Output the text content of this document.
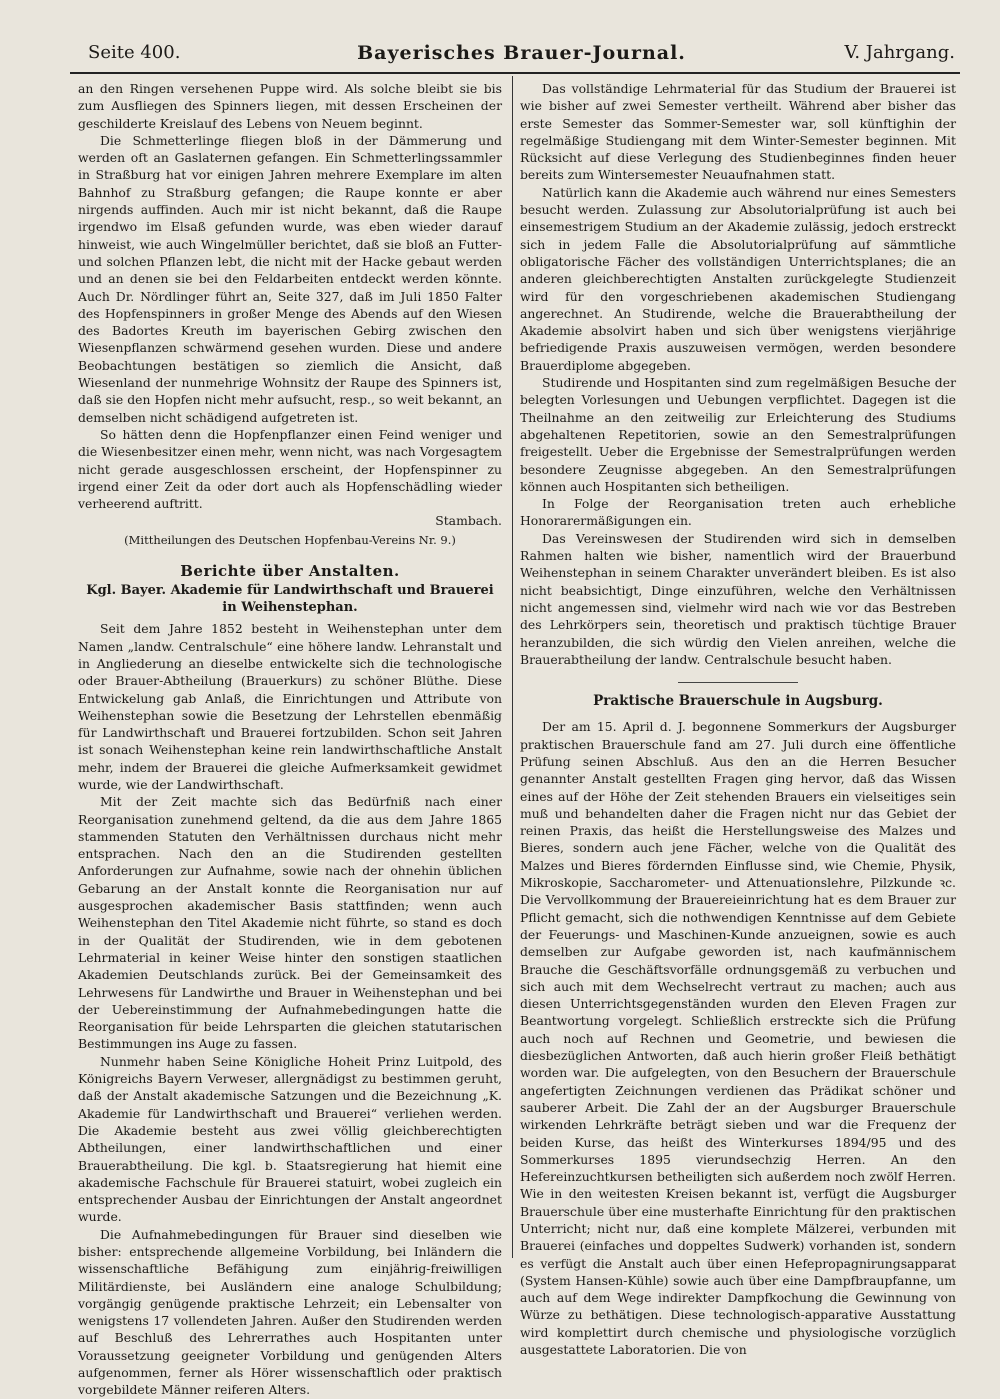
Seite 400.	Bayerisches Brauer-Journal.	V. Jahrgang.

an den Ringen versehenen Puppe wird. Als solche bleibt sie bis zum Ausfliegen des Spinners liegen, mit dessen Erscheinen der geschilderte Kreislauf des Lebens von Neuem beginnt.

Die Schmetterlinge fliegen bloß in der Dämmerung und werden oft an Gaslaternen gefangen. Ein Schmetterlingssammler in Straßburg hat vor einigen Jahren mehrere Exemplare im alten Bahnhof zu Straßburg gefangen; die Raupe konnte er aber nirgends auffinden. Auch mir ist nicht bekannt, daß die Raupe irgendwo im Elsaß gefunden wurde, was eben wieder darauf hinweist, wie auch Wingelmüller berichtet, daß sie bloß an Futter- und solchen Pflanzen lebt, die nicht mit der Hacke gebaut werden und an denen sie bei den Feldarbeiten entdeckt werden könnte. Auch Dr. Nördlinger führt an, Seite 327, daß im Juli 1850 Falter des Hopfenspinners in großer Menge des Abends auf den Wiesen des Badortes Kreuth im bayerischen Gebirg zwischen den Wiesenpflanzen schwärmend gesehen wurden. Diese und andere Beobachtungen bestätigen so ziemlich die Ansicht, daß Wiesenland der nunmehrige Wohnsitz der Raupe des Spinners ist, daß sie den Hopfen nicht mehr aufsucht, resp., so weit bekannt, an demselben nicht schädigend aufgetreten ist.

So hätten denn die Hopfenpflanzer einen Feind weniger und die Wiesenbesitzer einen mehr, wenn nicht, was nach Vorgesagtem nicht gerade ausgeschlossen erscheint, der Hopfenspinner zu irgend einer Zeit da oder dort auch als Hopfenschädling wieder verheerend auftritt.

Stambach.

(Mittheilungen des Deutschen Hopfenbau-Vereins Nr. 9.)

Berichte über Anstalten.

Kgl. Bayer. Akademie für Landwirthschaft und Brauerei in Weihenstephan.

Seit dem Jahre 1852 besteht in Weihenstephan unter dem Namen „landw. Centralschule“ eine höhere landw. Lehranstalt und in Angliederung an dieselbe entwickelte sich die technologische oder Brauer-Abtheilung (Brauerkurs) zu schöner Blüthe. Diese Entwickelung gab Anlaß, die Einrichtungen und Attribute von Weihenstephan sowie die Besetzung der Lehrstellen ebenmäßig für Landwirthschaft und Brauerei fortzubilden. Schon seit Jahren ist sonach Weihenstephan keine rein landwirthschaftliche Anstalt mehr, indem der Brauerei die gleiche Aufmerksamkeit gewidmet wurde, wie der Landwirthschaft.

Mit der Zeit machte sich das Bedürfniß nach einer Reorganisation zunehmend geltend, da die aus dem Jahre 1865 stammenden Statuten den Verhältnissen durchaus nicht mehr entsprachen. Nach den an die Studirenden gestellten Anforderungen zur Aufnahme, sowie nach der ohnehin üblichen Gebarung an der Anstalt konnte die Reorganisation nur auf ausgesprochen akademischer Basis stattfinden; wenn auch Weihenstephan den Titel Akademie nicht führte, so stand es doch in der Qualität der Studirenden, wie in dem gebotenen Lehrmaterial in keiner Weise hinter den sonstigen staatlichen Akademien Deutschlands zurück. Bei der Gemeinsamkeit des Lehrwesens für Landwirthe und Brauer in Weihenstephan und bei der Uebereinstimmung der Aufnahmebedingungen hatte die Reorganisation für beide Lehrsparten die gleichen statutarischen Bestimmungen ins Auge zu fassen.

Nunmehr haben Seine Königliche Hoheit Prinz Luitpold, des Königreichs Bayern Verweser, allergnädigst zu bestimmen geruht, daß der Anstalt akademische Satzungen und die Bezeichnung „K. Akademie für Landwirthschaft und Brauerei“ verliehen werden. Die Akademie besteht aus zwei völlig gleichberechtigten Abtheilungen, einer landwirthschaftlichen und einer Brauerabtheilung. Die kgl. b. Staatsregierung hat hiemit eine akademische Fachschule für Brauerei statuirt, wobei zugleich ein entsprechender Ausbau der Einrichtungen der Anstalt angeordnet wurde.

Die Aufnahmebedingungen für Brauer sind dieselben wie bisher: entsprechende allgemeine Vorbildung, bei Inländern die wissenschaftliche Befähigung zum einjährig-freiwilligen Militärdienste, bei Ausländern eine analoge Schulbildung; vorgängig genügende praktische Lehrzeit; ein Lebensalter von wenigstens 17 vollendeten Jahren. Außer den Studirenden werden auf Beschluß des Lehrerrathes auch Hospitanten unter Voraussetzung geeigneter Vorbildung und genügenden Alters aufgenommen, ferner als Hörer wissenschaftlich oder praktisch vorgebildete Männer reiferen Alters.

Das vollständige Lehrmaterial für das Studium der Brauerei ist wie bisher auf zwei Semester vertheilt. Während aber bisher das erste Semester das Sommer-Semester war, soll künftighin der regelmäßige Studiengang mit dem Winter-Semester beginnen. Mit Rücksicht auf diese Verlegung des Studienbeginnes finden heuer bereits zum Wintersemester Neuaufnahmen statt.

Natürlich kann die Akademie auch während nur eines Semesters besucht werden. Zulassung zur Absolutorialprüfung ist auch bei einsemestrigem Studium an der Akademie zulässig, jedoch erstreckt sich in jedem Falle die Absolutorialprüfung auf sämmtliche obligatorische Fächer des vollständigen Unterrichtsplanes; die an anderen gleichberechtigten Anstalten zurückgelegte Studienzeit wird für den vorgeschriebenen akademischen Studiengang angerechnet. An Studirende, welche die Brauerabtheilung der Akademie absolvirt haben und sich über wenigstens vierjährige befriedigende Praxis auszuweisen vermögen, werden besondere Brauerdiplome abgegeben.

Studirende und Hospitanten sind zum regelmäßigen Besuche der belegten Vorlesungen und Uebungen verpflichtet. Dagegen ist die Theilnahme an den zeitweilig zur Erleichterung des Studiums abgehaltenen Repetitorien, sowie an den Semestralprüfungen freigestellt. Ueber die Ergebnisse der Semestralprüfungen werden besondere Zeugnisse abgegeben. An den Semestralprüfungen können auch Hospitanten sich betheiligen.

In Folge der Reorganisation treten auch erhebliche Honorarermäßigungen ein.

Das Vereinswesen der Studirenden wird sich in demselben Rahmen halten wie bisher, namentlich wird der Brauerbund Weihenstephan in seinem Charakter unverändert bleiben. Es ist also nicht beabsichtigt, Dinge einzuführen, welche den Verhältnissen nicht angemessen sind, vielmehr wird nach wie vor das Bestreben des Lehrkörpers sein, theoretisch und praktisch tüchtige Brauer heranzubilden, die sich würdig den Vielen anreihen, welche die Brauerabtheilung der landw. Centralschule besucht haben.

Praktische Brauerschule in Augsburg.

Der am 15. April d. J. begonnene Sommerkurs der Augsburger praktischen Brauerschule fand am 27. Juli durch eine öffentliche Prüfung seinen Abschluß. Aus den an die Herren Besucher genannter Anstalt gestellten Fragen ging hervor, daß das Wissen eines auf der Höhe der Zeit stehenden Brauers ein vielseitiges sein muß und behandelten daher die Fragen nicht nur das Gebiet der reinen Praxis, das heißt die Herstellungsweise des Malzes und Bieres, sondern auch jene Fächer, welche von die Qualität des Malzes und Bieres fördernden Einflusse sind, wie Chemie, Physik, Mikroskopie, Saccharometer- und Attenuationslehre, Pilzkunde ꝛc. Die Vervollkommung der Brauereieinrichtung hat es dem Brauer zur Pflicht gemacht, sich die nothwendigen Kenntnisse auf dem Gebiete der Feuerungs- und Maschinen-Kunde anzueignen, sowie es auch demselben zur Aufgabe geworden ist, nach kaufmännischem Brauche die Geschäftsvorfälle ordnungsgemäß zu verbuchen und sich auch mit dem Wechselrecht vertraut zu machen; auch aus diesen Unterrichtsgegenständen wurden den Eleven Fragen zur Beantwortung vorgelegt. Schließlich erstreckte sich die Prüfung auch noch auf Rechnen und Geometrie, und bewiesen die diesbezüglichen Antworten, daß auch hierin großer Fleiß bethätigt worden war. Die aufgelegten, von den Besuchern der Brauerschule angefertigten Zeichnungen verdienen das Prädikat schöner und sauberer Arbeit. Die Zahl der an der Augsburger Brauerschule wirkenden Lehrkräfte beträgt sieben und war die Frequenz der beiden Kurse, das heißt des Winterkurses 1894/95 und des Sommerkurses 1895 vierundsechzig Herren. An den Hefereinzuchtkursen betheiligten sich außerdem noch zwölf Herren. Wie in den weitesten Kreisen bekannt ist, verfügt die Augsburger Brauerschule über eine musterhafte Einrichtung für den praktischen Unterricht; nicht nur, daß eine komplete Mälzerei, verbunden mit Brauerei (einfaches und doppeltes Sudwerk) vorhanden ist, sondern es verfügt die Anstalt auch über einen Hefepropagnirungsapparat (System Hansen-Kühle) sowie auch über eine Dampfbraupfanne, um auch auf dem Wege indirekter Dampfkochung die Gewinnung von Würze zu bethätigen. Diese technologisch-apparative Ausstattung wird komplettirt durch chemische und physiologische vorzüglich ausgestattete Laboratorien. Die von
